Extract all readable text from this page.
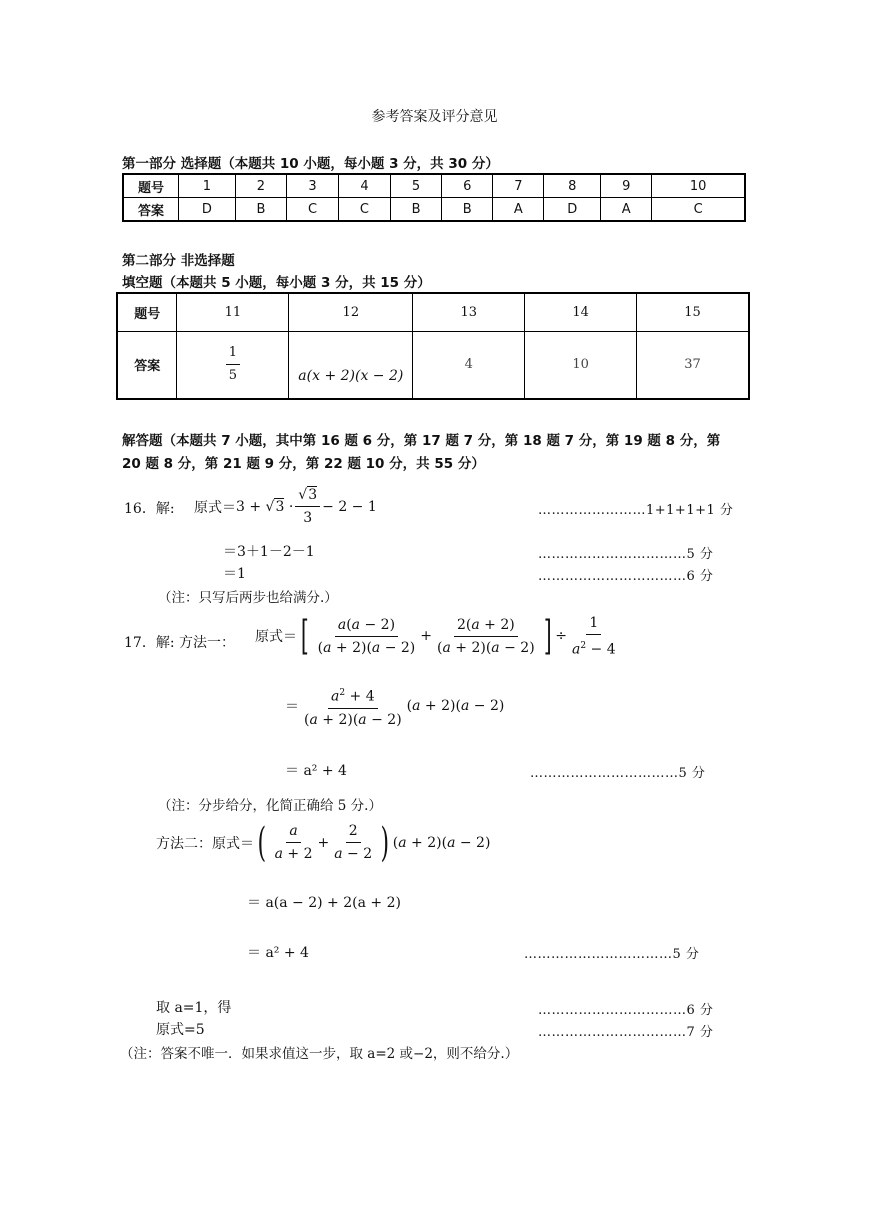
参考答案及评分意见
第一部分 选择题（本题共 10 小题，每小题 3 分，共 30 分）
题号	1	2	3	4	5	6	7	8	9	10
答案	D	B	C	C	B	B	A	D	A	C
第二部分 非选择题
填空题（本题共 5 小题，每小题 3 分，共 15 分）
题号	11	12	13	14	15
答案	$\frac{1}{5}$	a(x + 2)(x − 2)	4	10	37
解答题（本题共 7 小题，其中第 16 题 6 分，第 17 题 7 分，第 18 题 7 分，第 19 题 8 分，第
20 题 8 分，第 21 题 9 分，第 22 题 10 分，共 55 分）
16．解: 原式＝ $3 + √3 \cdot \frac{√3}{3} - 2 - 1$	……………………1+1+1+1 分
＝3＋1－2－1	……………………………5 分
＝1	……………………………6 分
（注：只写后两步也给满分.）
17．解: 方法一： 原式＝ [ $\frac{a(a - 2)}{(a + 2)(a - 2)} + \frac{2(a + 2)}{(a + 2)(a - 2)}$ ] ÷ $\frac{1}{a^2 - 4}$
＝ $\frac{a^2 + 4}{(a + 2)(a - 2)} (a + 2)(a - 2)$
＝ a² + 4	……………………………5 分
（注：分步给分，化简正确给 5 分.）
方法二：原式＝ ( $\frac{a}{a + 2} + \frac{2}{a - 2}$ ) (a + 2)(a − 2)
＝ a(a − 2) + 2(a + 2)
＝ a² + 4	……………………………5 分
取 a=1，得	……………………………6 分
原式=5	……………………………7 分
（注：答案不唯一．如果求值这一步，取 a=2 或−2，则不给分.）
